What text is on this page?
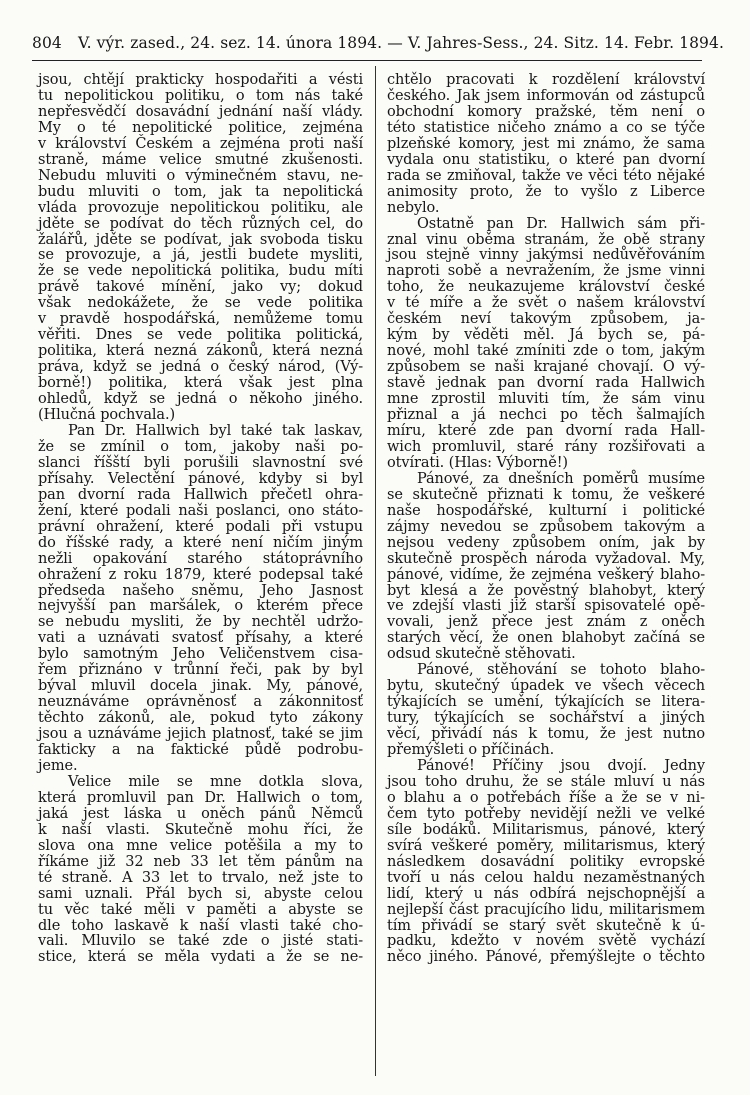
804 V. výr. zased., 24. sez. 14. února 1894. — V. Jahres-Sess., 24. Sitz. 14. Febr. 1894.

jsou, chtějí prakticky hospodařiti a vésti

tu nepolitickou politiku, o tom nás také

nepřesvědčí dosavádní jednání naší vlády.

My o té nepolitické politice, zejména

v království Českém a zejména proti naší

straně, máme velice smutné zkušenosti.

Nebudu mluviti o výminečném stavu, ne-

budu mluviti o tom, jak ta nepolitická

vláda provozuje nepolitickou politiku, ale

jděte se podívat do těch různých cel, do

žalářů, jděte se podívat, jak svoboda tisku

se provozuje, a já, jestli budete mysliti,

že se vede nepolitická politika, budu míti

právě takové mínění, jako vy; dokud

však nedokážete, že se vede politika

v pravdě hospodářská, nemůžeme tomu

věřiti. Dnes se vede politika politická,

politika, která nezná zákonů, která nezná

práva, když se jedná o český národ, (Vý-

borně!) politika, která však jest plna

ohledů, když se jedná o někoho jiného.

(Hlučná pochvala.)

Pan Dr. Hallwich byl také tak laskav,

že se zmínil o tom, jakoby naši po-

slanci říšští byli porušili slavnostní své

přísahy. Velectění pánové, kdyby si byl

pan dvorní rada Hallwich přečetl ohra-

žení, které podali naši poslanci, ono státo-

právní ohražení, které podali při vstupu

do říšské rady, a které není ničím jiným

nežli opakování starého státoprávního

ohražení z roku 1879, které podepsal také

předseda našeho sněmu, Jeho Jasnost

nejvyšší pan maršálek, o kterém přece

se nebudu mysliti, že by nechtěl udržo-

vati a uznávati svatosť přísahy, a které

bylo samotným Jeho Veličenstvem cisa-

řem přiznáno v trůnní řeči, pak by byl

býval mluvil docela jinak. My, pánové,

neuznáváme oprávněnosť a zákonnitosť

těchto zákonů, ale, pokud tyto zákony

jsou a uznáváme jejich platnosť, také se jim

fakticky a na faktické půdě podrobu-

jeme.

Velice mile se mne dotkla slova,

která promluvil pan Dr. Hallwich o tom,

jaká jest láska u oněch pánů Němců

k naší vlasti. Skutečně mohu říci, že

slova ona mne velice potěšila a my to

říkáme již 32 neb 33 let těm pánům na

té straně. A 33 let to trvalo, než jste to

sami uznali. Přál bych si, abyste celou

tu věc také měli v paměti a abyste se

dle toho laskavě k naší vlasti také cho-

vali. Mluvilo se také zde o jisté stati-

stice, která se měla vydati a že se ne-

chtělo pracovati k rozdělení království

českého. Jak jsem informován od zástupců

obchodní komory pražské, těm není o

této statistice ničeho známo a co se týče

plzeňské komory, jest mi známo, že sama

vydala onu statistiku, o které pan dvorní

rada se zmiňoval, takže ve věci této nějaké

animosity proto, že to vyšlo z Liberce

nebylo.

Ostatně pan Dr. Hallwich sám při-

znal vinu oběma stranám, že obě strany

jsou stejně vinny jakýmsi nedůvěřováním

naproti sobě a nevražením, že jsme vinni

toho, že neukazujeme království české

v té míře a že svět o našem království

českém neví takovým způsobem, ja-

kým by věděti měl. Já bych se, pá-

nové, mohl také zmíniti zde o tom, jakým

způsobem se naši krajané chovají. O vý-

stavě jednak pan dvorní rada Hallwich

mne zprostil mluviti tím, že sám vinu

přiznal a já nechci po těch šalmajích

míru, které zde pan dvorní rada Hall-

wich promluvil, staré rány rozšiřovati a

otvírati. (Hlas: Výborně!)

Pánové, za dnešních poměrů musíme

se skutečně přiznati k tomu, že veškeré

naše hospodářské, kulturní i politické

zájmy nevedou se způsobem takovým a

nejsou vedeny způsobem oním, jak by

skutečně prospěch národa vyžadoval. My,

pánové, vidíme, že zejména veškerý blaho-

byt klesá a že pověstný blahobyt, který

ve zdejší vlasti již starší spisovatelé opě-

vovali, jenž přece jest znám z oněch

starých věcí, že onen blahobyt začíná se

odsud skutečně stěhovati.

Pánové, stěhování se tohoto blaho-

bytu, skutečný úpadek ve všech věcech

týkajících se umění, týkajících se litera-

tury, týkajících se sochářství a jiných

věcí, přivádí nás k tomu, že jest nutno

přemýšleti o příčinách.

Pánové! Příčiny jsou dvojí. Jedny

jsou toho druhu, že se stále mluví u nás

o blahu a o potřebách říše a že se v ni-

čem tyto potřeby nevidějí nežli ve velké

síle bodáků. Militarismus, pánové, který

svírá veškeré poměry, militarismus, který

následkem dosavádní politiky evropské

tvoří u nás celou haldu nezaměstnaných

lidí, který u nás odbírá nejschopnější a

nejlepší část pracujícího lidu, militarismem

tím přivádí se starý svět skutečně k ú-

padku, kdežto v novém světě vychází

něco jiného. Pánové, přemýšlejte o těchto
